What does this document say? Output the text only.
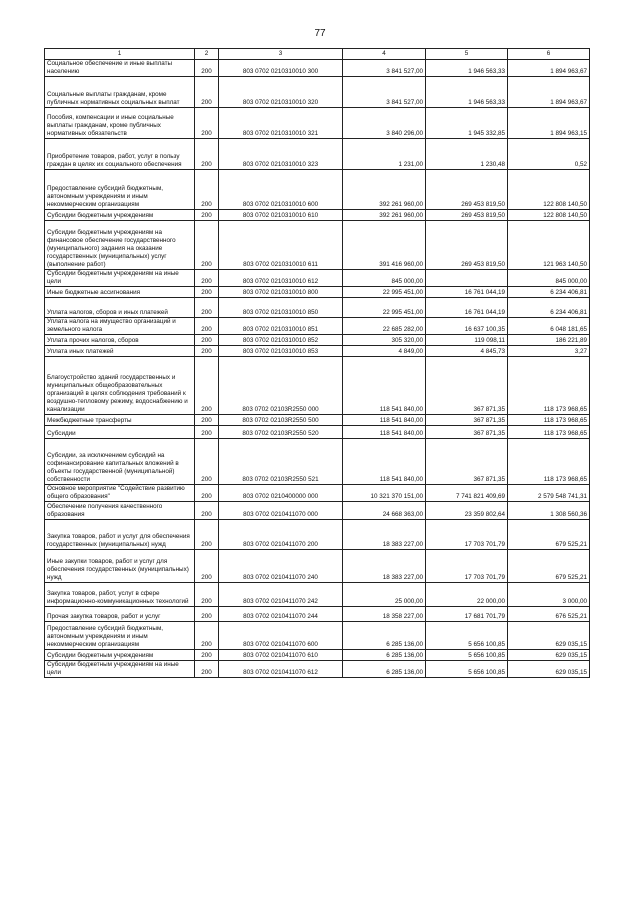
77
1	2	3	4	5	6
Социальное обеспечение и иные выплаты населению	200	803 0702 0210310010 300	3 841 527,00	1 946 563,33	1 894 963,67
Социальные выплаты гражданам, кроме публичных нормативных социальных выплат	200	803 0702 0210310010 320	3 841 527,00	1 946 563,33	1 894 963,67
Пособия, компенсации и иные социальные выплаты гражданам, кроме публичных нормативных обязательств	200	803 0702 0210310010 321	3 840 296,00	1 945 332,85	1 894 963,15
Приобретение товаров, работ, услуг в пользу граждан в целях их социального обеспечения	200	803 0702 0210310010 323	1 231,00	1 230,48	0,52
Предоставление субсидий бюджетным, автономным учреждениям и иным некоммерческим организациям	200	803 0702 0210310010 600	392 261 960,00	269 453 819,50	122 808 140,50
Субсидии бюджетным учреждениям	200	803 0702 0210310010 610	392 261 960,00	269 453 819,50	122 808 140,50
Субсидии бюджетным учреждениям на финансовое обеспечение государственного (муниципального) задания на оказание государственных (муниципальных) услуг (выполнение работ)	200	803 0702 0210310010 611	391 416 960,00	269 453 819,50	121 963 140,50
Субсидии бюджетным учреждениям на иные цели	200	803 0702 0210310010 612	845 000,00		845 000,00
Иные бюджетные ассигнования	200	803 0702 0210310010 800	22 995 451,00	16 761 044,19	6 234 406,81
Уплата налогов, сборов и иных платежей	200	803 0702 0210310010 850	22 995 451,00	16 761 044,19	6 234 406,81
Уплата налога на имущество организаций и земельного налога	200	803 0702 0210310010 851	22 685 282,00	16 637 100,35	6 048 181,65
Уплата прочих налогов, сборов	200	803 0702 0210310010 852	305 320,00	119 098,11	186 221,89
Уплата иных платежей	200	803 0702 0210310010 853	4 849,00	4 845,73	3,27
Благоустройство зданий государственных и муниципальных общеобразовательных организаций в целях соблюдения требований к воздушно-тепловому режиму, водоснабжению и канализации	200	803 0702 02103R2550 000	118 541 840,00	367 871,35	118 173 968,65
Межбюджетные трансферты	200	803 0702 02103R2550 500	118 541 840,00	367 871,35	118 173 968,65
Субсидии	200	803 0702 02103R2550 520	118 541 840,00	367 871,35	118 173 968,65
Субсидии, за исключением субсидий на софинансирование капитальных вложений в объекты государственной (муниципальной) собственности	200	803 0702 02103R2550 521	118 541 840,00	367 871,35	118 173 968,65
Основное мероприятие "Содействие развитию общего образования"	200	803 0702 0210400000 000	10 321 370 151,00	7 741 821 409,69	2 579 548 741,31
Обеспечение получения качественного образования	200	803 0702 0210411070 000	24 668 363,00	23 359 802,64	1 308 560,36
Закупка товаров, работ и услуг для обеспечения государственных (муниципальных) нужд	200	803 0702 0210411070 200	18 383 227,00	17 703 701,79	679 525,21
Иные закупки товаров, работ и услуг для обеспечения государственных (муниципальных) нужд	200	803 0702 0210411070 240	18 383 227,00	17 703 701,79	679 525,21
Закупка товаров, работ, услуг в сфере информационно-коммуникационных технологий	200	803 0702 0210411070 242	25 000,00	22 000,00	3 000,00
Прочая закупка товаров, работ и услуг	200	803 0702 0210411070 244	18 358 227,00	17 681 701,79	676 525,21
Предоставление субсидий бюджетным, автономным учреждениям и иным некоммерческим организациям	200	803 0702 0210411070 600	6 285 136,00	5 656 100,85	629 035,15
Субсидии бюджетным учреждениям	200	803 0702 0210411070 610	6 285 136,00	5 656 100,85	629 035,15
Субсидии бюджетным учреждениям на иные цели	200	803 0702 0210411070 612	6 285 136,00	5 656 100,85	629 035,15
